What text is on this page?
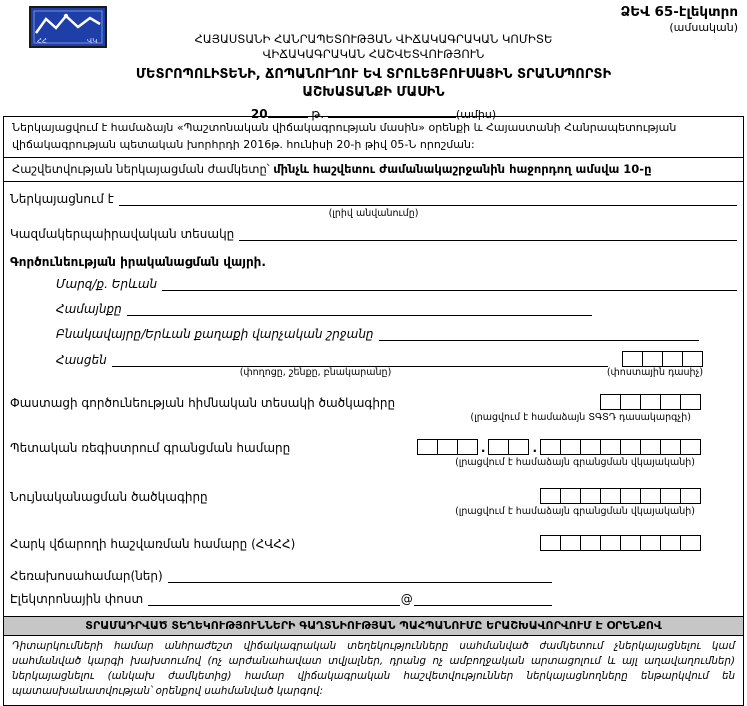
ՀՀ	ՎԿ
ՁԵՎ 65-էլեկտրո
(ամսական)
ՀԱՅԱՍՏԱՆԻ ՀԱՆՐԱՊԵՏՈՒԹՅԱՆ ՎԻՃԱԿԱԳՐԱԿԱՆ ԿՈՄԻՏԵ
ՎԻՃԱԿԱԳՐԱԿԱՆ ՀԱՇՎԵՏՎՈՒԹՅՈՒՆ
ՄԵՏՐՈՊՈԼԻՏԵՆԻ, ՃՈՊԱՆՈՒՂՈՒ ԵՎ ՏՐՈԼԵՅԲՈՒՍԱՅԻՆ ՏՐԱՆՍՊՈՐՏԻ
ԱՇԽԱՏԱՆՔԻ ՄԱՍԻՆ
20	թ.	(ամիս)
Ներկայացվում է համաձայն «Պաշտոնական վիճակագրության մասին» օրենքի և Հայաստանի Հանրապետության վիճակագրության պետական խորհրդի 2016թ. հունիսի 20-ի թիվ 05-Ն որոշման:
Հաշվետվության ներկայացման ժամկետը՝ մինչև հաշվետու ժամանակաշրջանին հաջորդող ամսվա 10-ը
Ներկայացնում է
(լրիվ անվանումը)
Կազմակերպաիրավական տեսակը
Գործունեության իրականացման վայրի.
Մարզ/ք. Երևան
Համայնքը
Բնակավայրը/Երևան քաղաքի վարչական շրջանը
Հասցեն
(փողոցը, շենքը, բնակարանը)	(փոստային դասիչ)
Փաստացի գործունեության հիմնական տեսակի ծածկագիրը
(լրացվում է համաձայն ՏԳՏԴ դասակարգչի)
Պետական ռեգիստրում գրանցման համարը	.	.
(լրացվում է համաձայն գրանցման վկայականի)
Նույնականացման ծածկագիրը
(լրացվում է համաձայն գրանցման վկայականի)
Հարկ վճարողի հաշվառման համարը (ՀՎՀՀ)
Հեռախոսահամար(ներ)
Էլեկտրոնային փոստ	@
ՏՐԱՄԱԴՐՎԱԾ ՏԵՂԵԿՈՒԹՅՈՒՆՆԵՐԻ ԳԱՂՏՆԻՈՒԹՅԱՆ ՊԱՀՊԱՆՈՒՄԸ ԵՐԱՇԽԱՎՈՐՎՈՒՄ Է ՕՐԵՆՔՈՎ
Դիտարկումների համար անհրաժեշտ վիճակագրական տեղեկությունները սահմանված ժամկետում չներկայացնելու կամ սահմանված կարգի խախտումով (ոչ արժանահավատ տվյալներ, դրանց ոչ ամբողջական արտացոլում և այլ աղավաղումներ) ներկայացնելու (անկախ ժամկետից) համար վիճակագրական հաշվետվություններ ներկայացնողները ենթարկվում են պատասխանատվության՝ օրենքով սահմանված կարգով:
